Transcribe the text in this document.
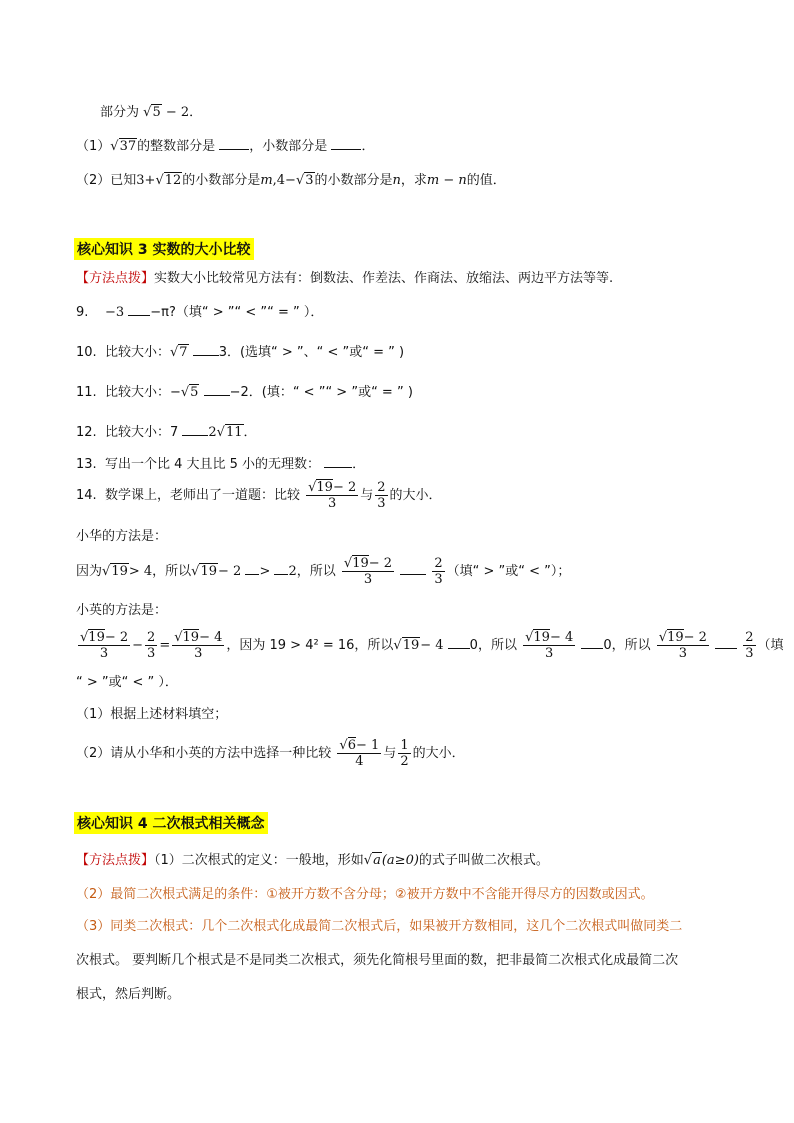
部分为 √5 − 2．
（1）√37的整数部分是	，小数部分是	．
（2）已知3+√12的小数部分是m,4−√3的小数部分是n，求m − n的值．
核心知识 3 实数的大小比较
【方法点拨】实数大小比较常见方法有：倒数法、作差法、作商法、放缩法、两边平方法等等.
9. −3 −π?（填“ > ”“ < ”“ = ” ）．
10. 比较大小：√7 3．(选填“ > ”、“ < ”或“ = ” )
11. 比较大小：−√5 −2．(填：“ < ”“ > ”或“ = ” )
12. 比较大小：7 2√11．
13. 写出一个比 4 大且比 5 小的无理数： ．
14. 数学课上，老师出了一道题：比较 $\frac{√19- 2}{3}$ 与 $\frac{2}{3}$ 的大小．
小华的方法是：
因为√19> 4，所以√19− 2 > 2，所以 $\frac{√19- 2}{3}$
	$\frac{2}{3}$ （填“ > ”或“ < ”）；
小英的方法是：
$\frac{√19- 2}{3} - \frac{2}{3} = \frac{√19- 4}{3}$ ，因为 19 > 4² = 16，所以√19− 4 0，所以 $\frac{√19- 4}{3} 0$，所以 $\frac{√19- 2}{3}$
	$\frac{2}{3}$ （填
“ > ”或“ < ” ）．
（1）根据上述材料填空；
（2）请从小华和小英的方法中选择一种比较 $\frac{√6- 1}{4}$ 与 $\frac{1}{2}$ 的大小．
核心知识 4 二次根式相关概念
【方法点拨】（1）二次根式的定义：一般地，形如√a(a≥0)的式子叫做二次根式。
（2）最简二次根式满足的条件：①被开方数不含分母；②被开方数中不含能开得尽方的因数或因式。
（3）同类二次根式：几个二次根式化成最简二次根式后，如果被开方数相同，这几个二次根式叫做同类二
次根式。 要判断几个根式是不是同类二次根式，须先化简根号里面的数，把非最简二次根式化成最简二次
根式，然后判断。
